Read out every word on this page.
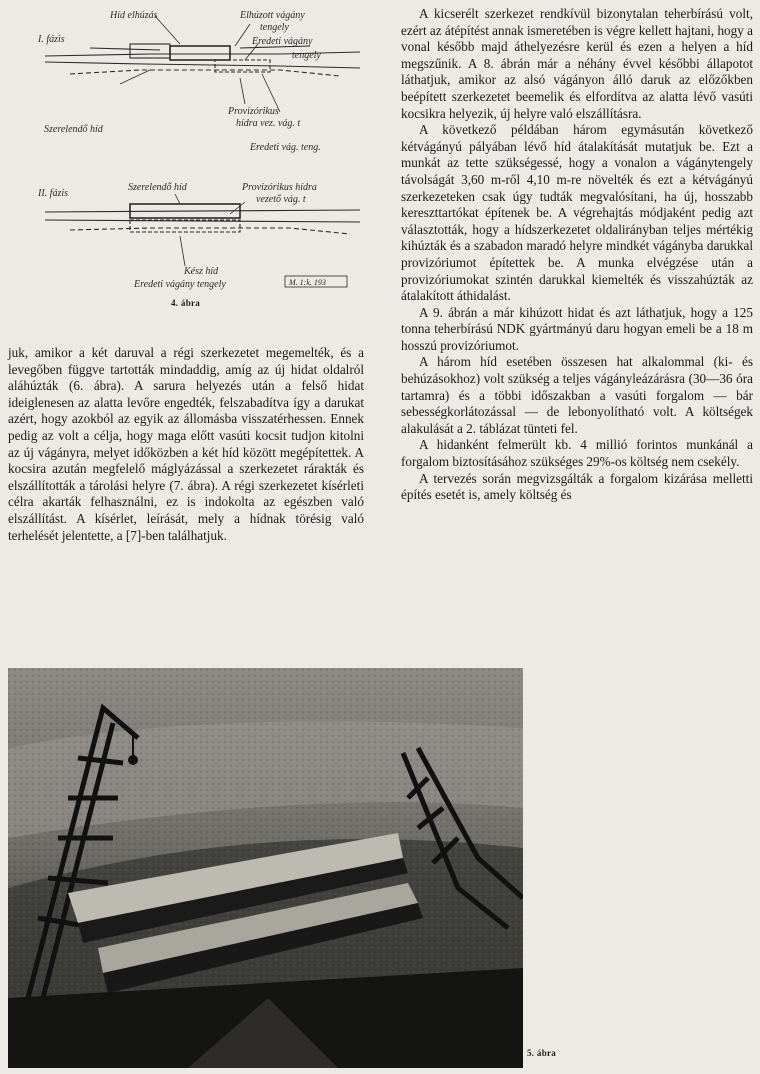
I. fázis
Híd elhúzás	Elhúzott vágány
tengely
Eredeti vágány
tengely
Provizórikus
hídra vez. vág. t
Szerelendő híd
Eredeti vág. teng.
Szerelendő híd
II. fázis
Provizórikus hídra
vezető vág. t
Kész híd
Eredeti vágány tengely	M. 1:k. 193
4. ábra

A kicserélt szerkezet rendkívül bizonytalan teherbírású volt, ezért az átépítést annak ismeretében is végre kellett hajtani, hogy a vonal később majd áthelyezésre kerül és ezen a helyen a híd megszűnik. A 8. ábrán már a néhány évvel későbbi állapotot láthatjuk, amikor az alsó vágányon álló daruk az előzőkben beépített szerkezetet beemelik és elfordítva az alatta lévő vasúti kocsikra helyezik, új helyre való elszállításra.

A következő példában három egymásután következő kétvágányú pályában lévő híd átalakítását mutatjuk be. Ezt a munkát az tette szükségessé, hogy a vonalon a vágánytengely távolságát 3,60 m-ről 4,10 m-re növelték és ezt a kétvágányú szerkezeteken csak úgy tudták megvalósítani, ha új, hosszabb kereszttartókat építenek be. A végrehajtás módjaként pedig azt választották, hogy a hídszerkezetet oldalirányban teljes mértékig kihúzták és a szabadon maradó helyre mindkét vágányba darukkal provizóriumot építettek be. A munka elvégzése után a provizóriumokat szintén darukkal kiemelték és visszahúzták az átalakított áthidalást.

A 9. ábrán a már kihúzott hidat és azt láthatjuk, hogy a 125 tonna teherbírású NDK gyártmányú daru hogyan emeli be a 18 m hosszú provizóriumot.

A három híd esetében összesen hat alkalommal (ki- és behúzásokhoz) volt szükség a teljes vágányleázárásra (30—36 óra tartamra) és a többi időszakban a vasúti forgalom — bár sebességkorlátozással — de lebonyolítható volt. A költségek alakulását a 2. táblázat tünteti fel.

A hidanként felmerült kb. 4 millió forintos munkánál a forgalom biztosításához szükséges 29%-os költség nem csekély.

A tervezés során megvizsgálták a forgalom kizárása melletti építés esetét is, amely költség és

juk, amikor a két daruval a régi szerkezetet megemelték, és a levegőben függve tartották mindaddig, amíg az új hidat oldalról aláhúzták (6. ábra). A sarura helyezés után a felső hidat ideiglenesen az alatta levőre engedték, felszabadítva így a darukat azért, hogy azokból az egyik az állomásba visszatérhessen. Ennek pedig az volt a célja, hogy maga előtt vasúti kocsit tudjon kitolni az új vágányra, melyet időközben a két híd között megépítettek. A kocsira azután megfelelő máglyázással a szerkezetet rárakták és elszállították a tárolási helyre (7. ábra). A régi szerkezetet kísérleti célra akarták felhasználni, ez is indokolta az egészben való elszállítást. A kísérlet, leírását, mely a hídnak törésig való terhelését jelentette, a [7]-ben találhatjuk.

5. ábra
